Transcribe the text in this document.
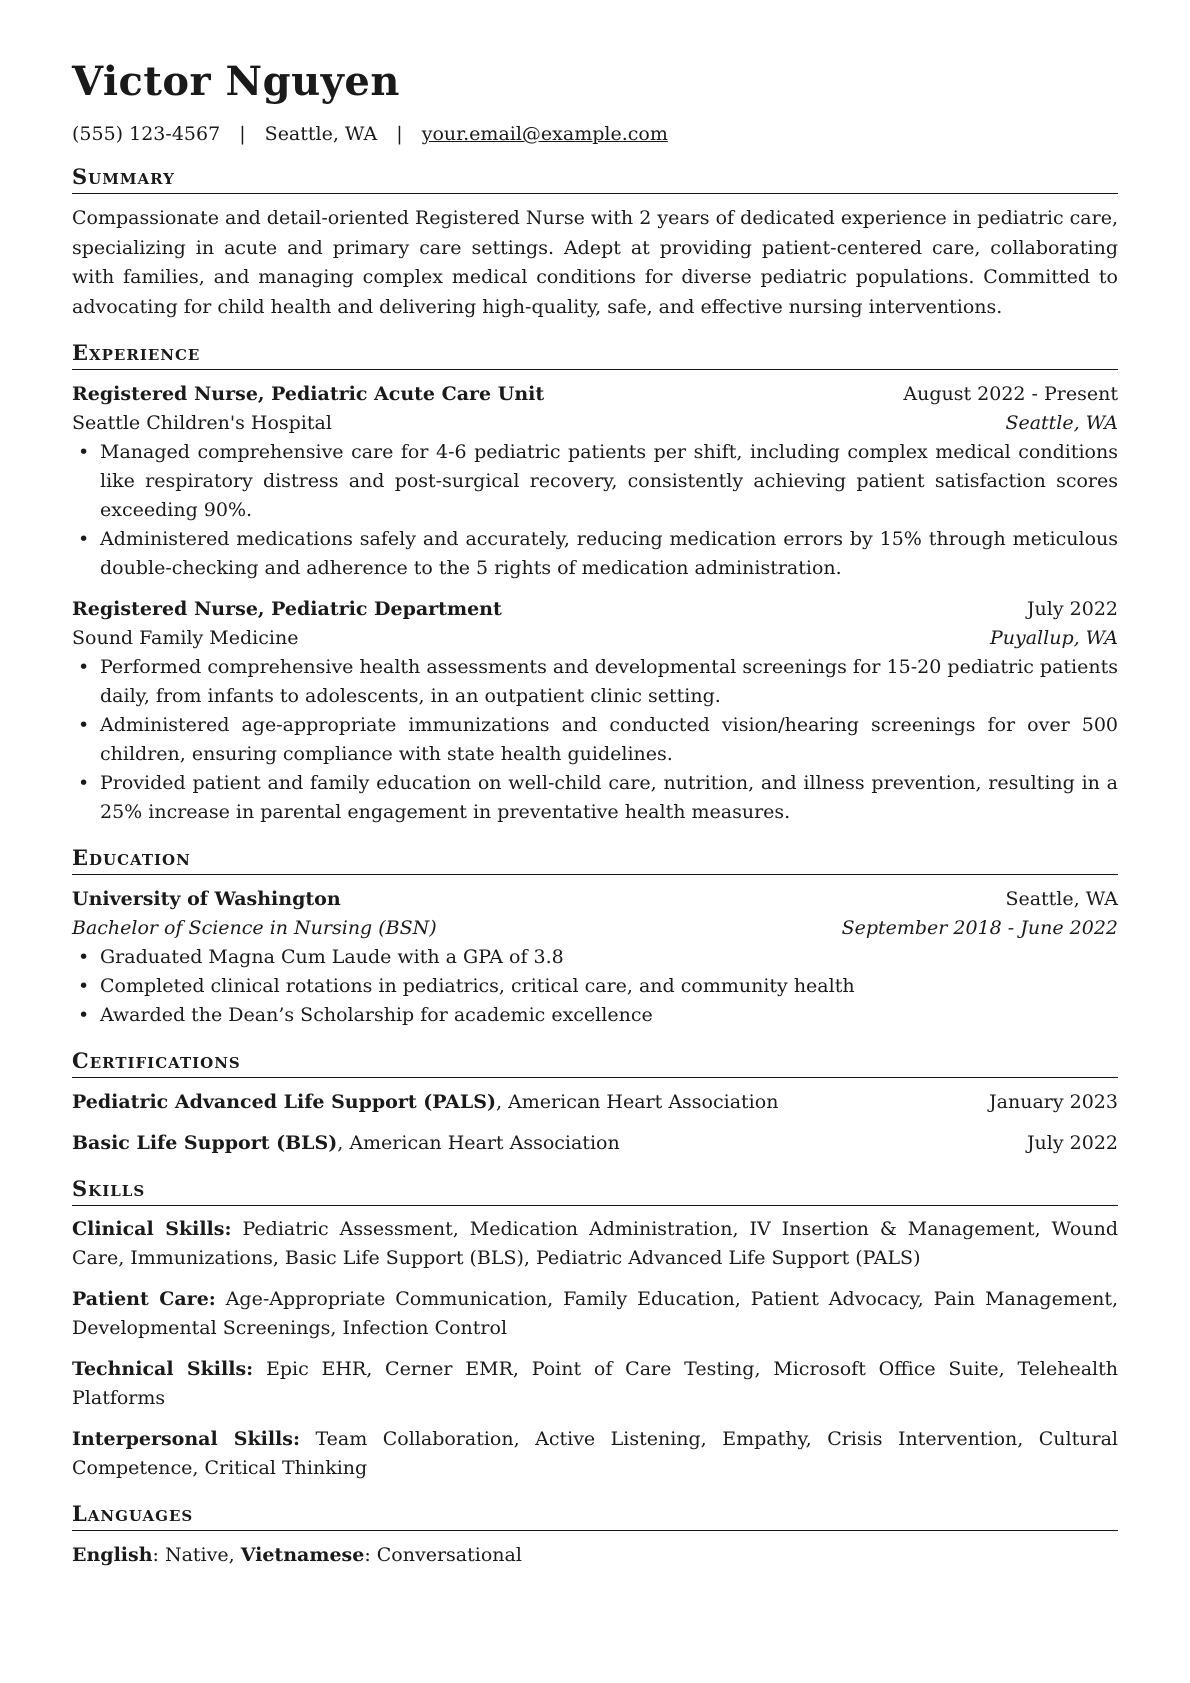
Victor Nguyen
(555) 123-4567 | Seattle, WA | your.email@example.com
Summary
Compassionate and detail-oriented Registered Nurse with 2 years of dedicated experience in pediatric care, specializing in acute and primary care settings. Adept at providing patient-centered care, collaborating with families, and managing complex medical conditions for diverse pediatric populations. Committed to advocating for child health and delivering high-quality, safe, and effective nursing interventions.
Experience
Registered Nurse, Pediatric Acute Care Unit	August 2022 - Present
Seattle Children's Hospital	Seattle, WA
• Managed comprehensive care for 4-6 pediatric patients per shift, including complex medical conditions like respiratory distress and post-surgical recovery, consistently achieving patient satisfaction scores exceeding 90%.
• Administered medications safely and accurately, reducing medication errors by 15% through meticulous double-checking and adherence to the 5 rights of medication administration.
Registered Nurse, Pediatric Department	July 2022
Sound Family Medicine	Puyallup, WA
• Performed comprehensive health assessments and developmental screenings for 15-20 pediatric patients daily, from infants to adolescents, in an outpatient clinic setting.
• Administered age-appropriate immunizations and conducted vision/hearing screenings for over 500 children, ensuring compliance with state health guidelines.
• Provided patient and family education on well-child care, nutrition, and illness prevention, resulting in a 25% increase in parental engagement in preventative health measures.
Education
University of Washington	Seattle, WA
Bachelor of Science in Nursing (BSN)	September 2018 - June 2022
• Graduated Magna Cum Laude with a GPA of 3.8
• Completed clinical rotations in pediatrics, critical care, and community health
• Awarded the Dean’s Scholarship for academic excellence
Certifications
Pediatric Advanced Life Support (PALS), American Heart Association	January 2023
Basic Life Support (BLS), American Heart Association	July 2022
Skills
Clinical Skills: Pediatric Assessment, Medication Administration, IV Insertion & Management, Wound Care, Immunizations, Basic Life Support (BLS), Pediatric Advanced Life Support (PALS)
Patient Care: Age-Appropriate Communication, Family Education, Patient Advocacy, Pain Management, Developmental Screenings, Infection Control
Technical Skills: Epic EHR, Cerner EMR, Point of Care Testing, Microsoft Office Suite, Telehealth Platforms
Interpersonal Skills: Team Collaboration, Active Listening, Empathy, Crisis Intervention, Cultural Competence, Critical Thinking
Languages
English: Native, Vietnamese: Conversational
